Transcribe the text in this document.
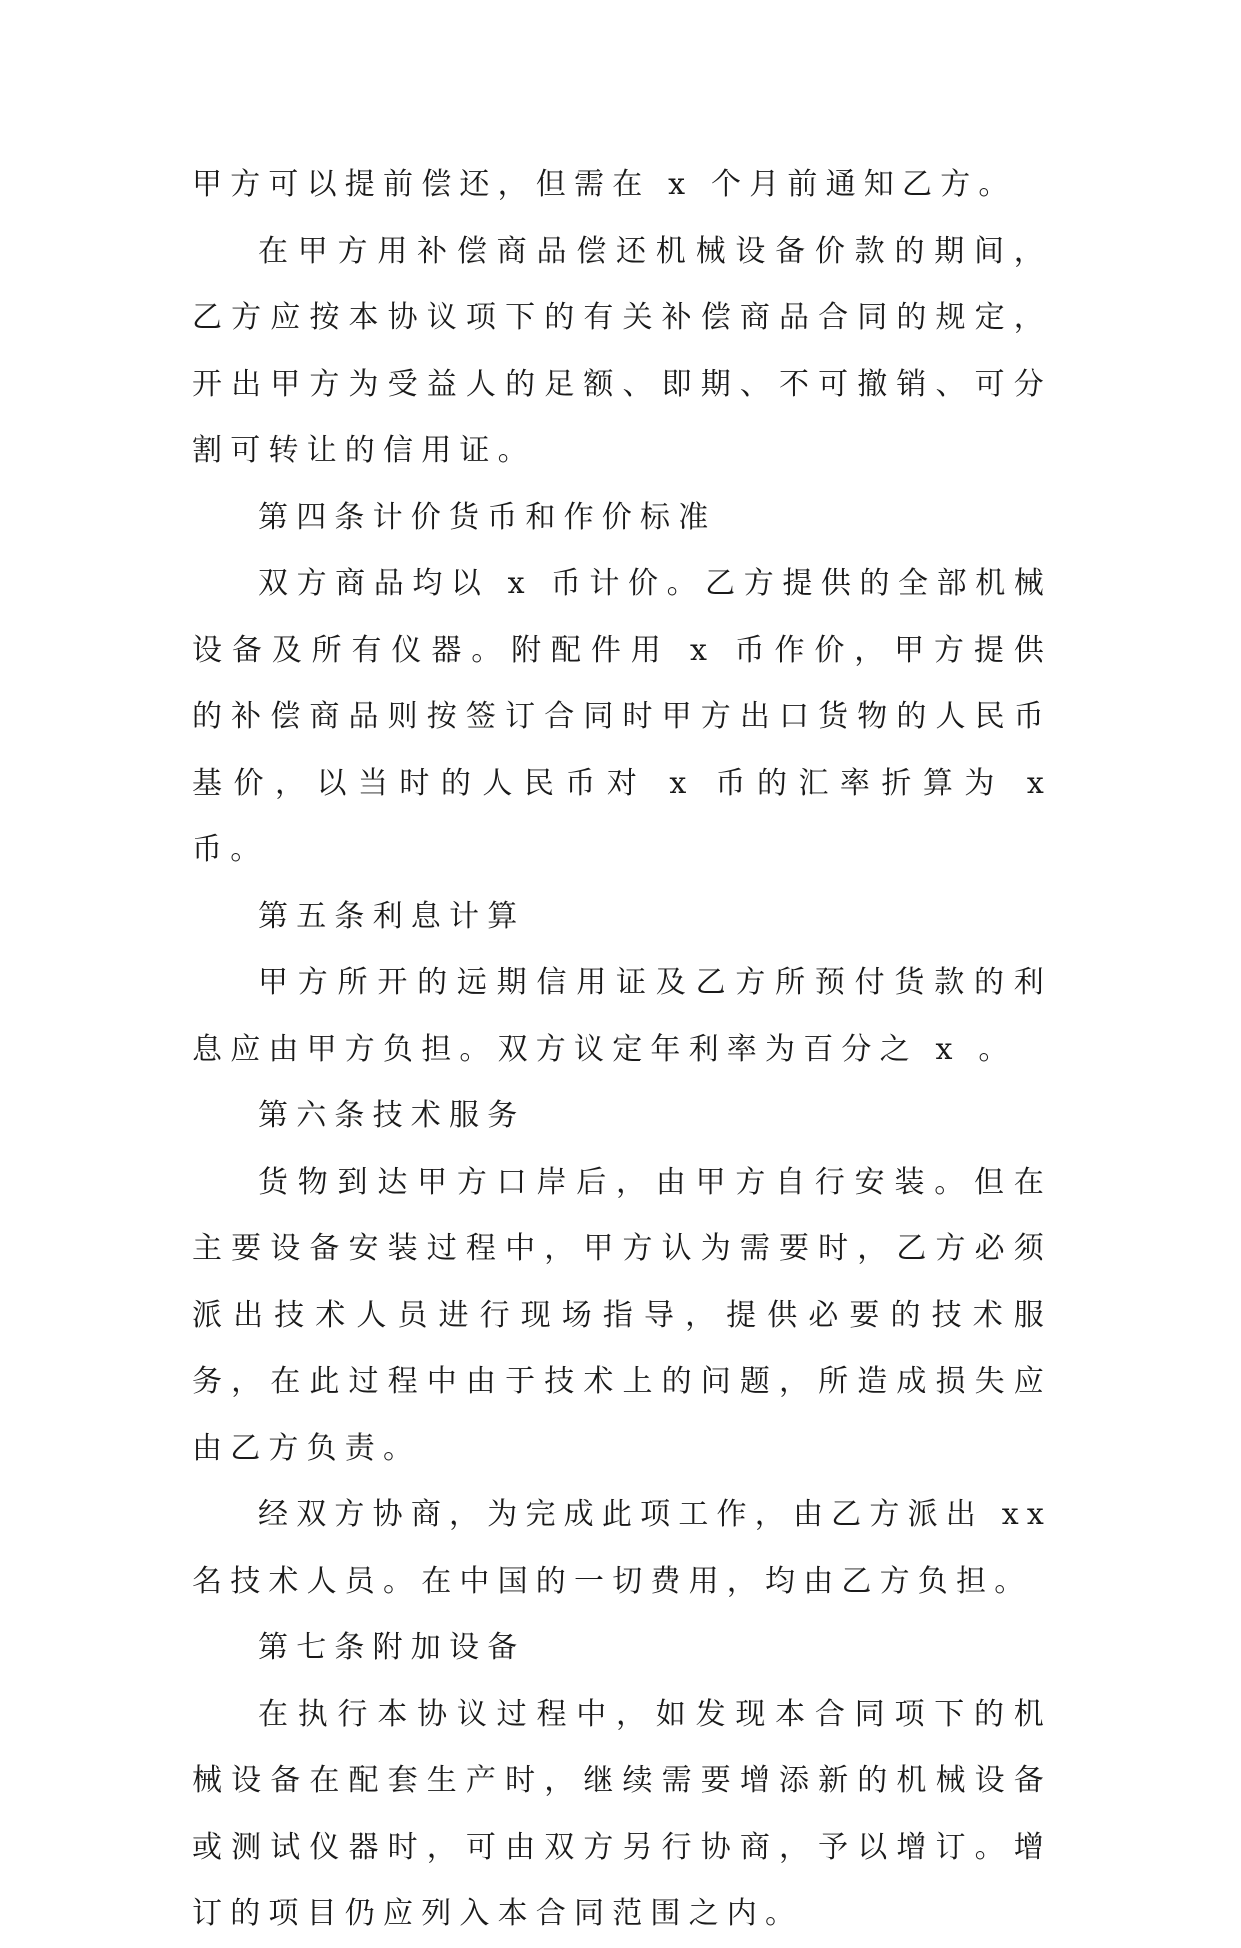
甲方可以提前偿还，但需在 x 个月前通知乙方。

在甲方用补偿商品偿还机械设备价款的期间，乙方应按本协议项下的有关补偿商品合同的规定，开出甲方为受益人的足额、即期、不可撤销、可分割可转让的信用证。

第四条计价货币和作价标准

双方商品均以 x 币计价。乙方提供的全部机械设备及所有仪器。附配件用 x 币作价，甲方提供的补偿商品则按签订合同时甲方出口货物的人民币基价，以当时的人民币对 x 币的汇率折算为 x 币。

第五条利息计算

甲方所开的远期信用证及乙方所预付货款的利息应由甲方负担。双方议定年利率为百分之 x 。

第六条技术服务

货物到达甲方口岸后，由甲方自行安装。但在主要设备安装过程中，甲方认为需要时，乙方必须派出技术人员进行现场指导，提供必要的技术服务，在此过程中由于技术上的问题，所造成损失应由乙方负责。

经双方协商，为完成此项工作，由乙方派出 xx 名技术人员。在中国的一切费用，均由乙方负担。

第七条附加设备

在执行本协议过程中，如发现本合同项下的机械设备在配套生产时，继续需要增添新的机械设备或测试仪器时，可由双方另行协商，予以增订。增订的项目仍应列入本合同范围之内。
